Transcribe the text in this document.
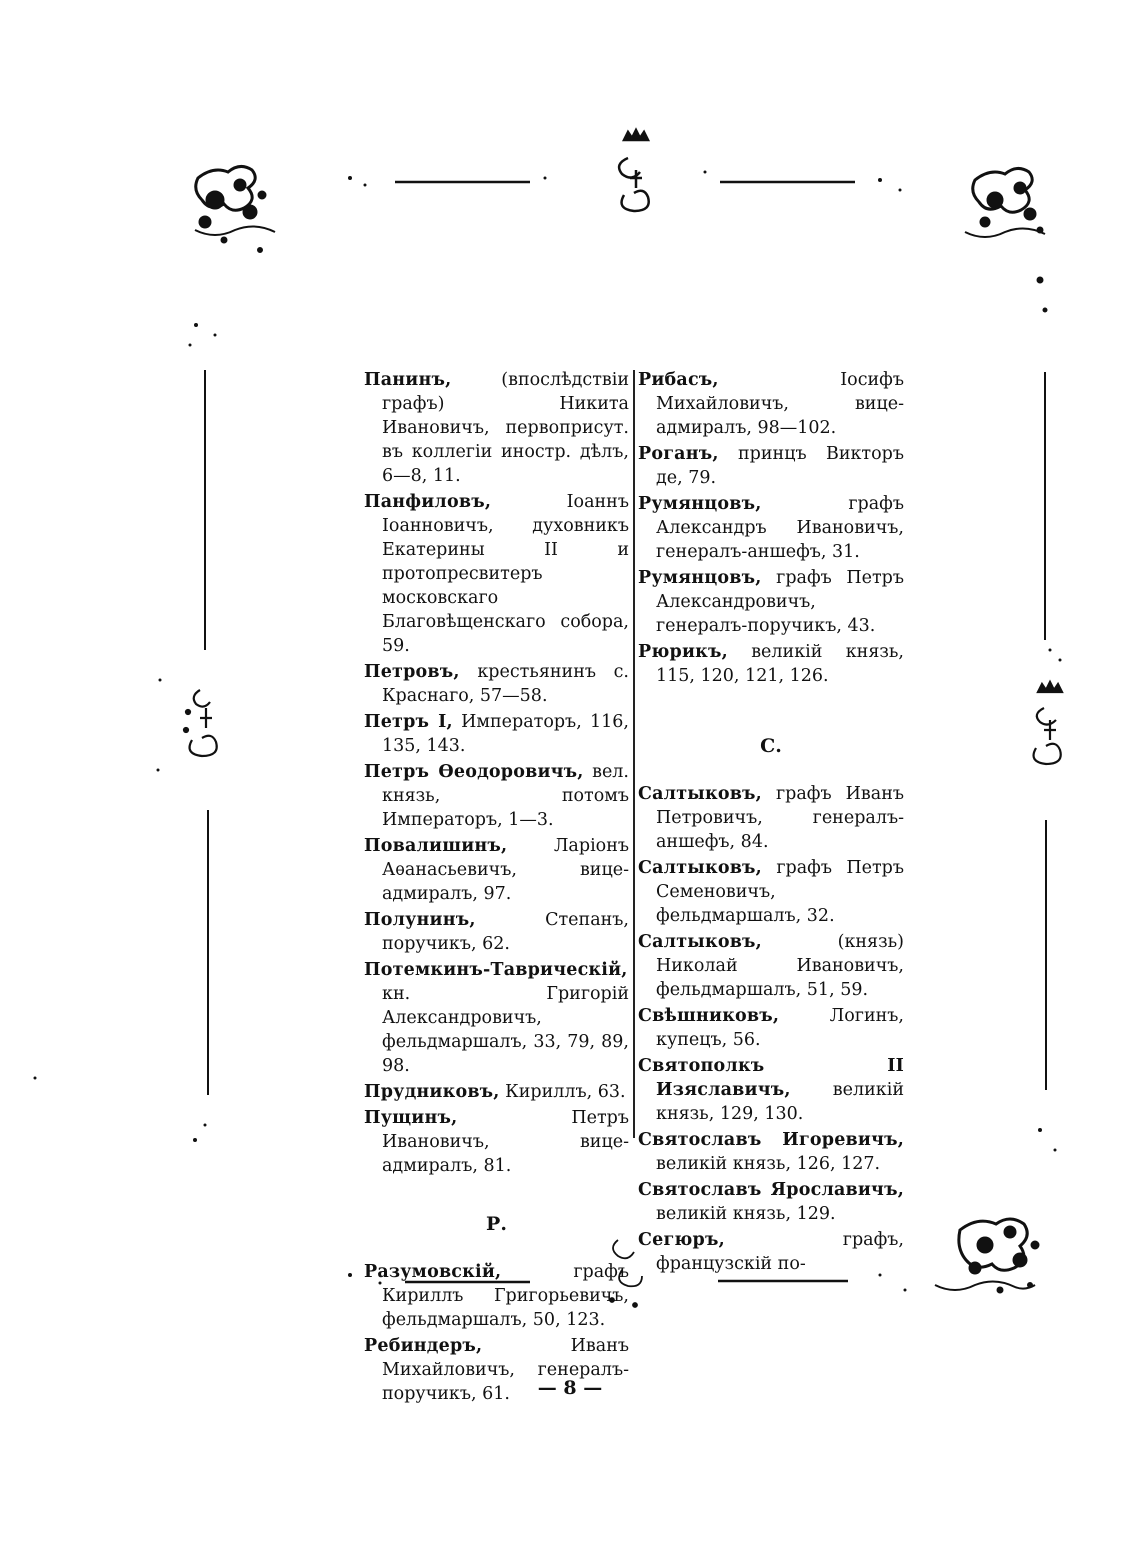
Панинъ, (впослѣдствіи графъ) Никита Ивановичъ, первоприсут. въ коллегіи иностр. дѣлъ, 6—8, 11.
Панфиловъ, Іоаннъ Іоанновичъ, духовникъ Екатерины II и протопресвитеръ московскаго Благовѣщенскаго собора, 59.
Петровъ, крестьянинъ с. Краснаго, 57—58.
Петръ I, Императоръ, 116, 135, 143.
Петръ Ѳеодоровичъ, вел. князь, потомъ Императоръ, 1—3.
Повалишинъ, Ларіонъ Аѳанасьевичъ, вице-адмиралъ, 97.
Полунинъ, Степанъ, поручикъ, 62.
Потемкинъ-Таврическій, кн. Григорій Александровичъ, фельдмаршалъ, 33, 79, 89, 98.
Прудниковъ, Кириллъ, 63.
Пущинъ, Петръ Ивановичъ, вице-адмиралъ, 81.
Р.
Разумовскій, графъ Кириллъ Григорьевичъ, фельдмаршалъ, 50, 123.
Ребиндеръ, Иванъ Михайловичъ, генералъ-поручикъ, 61.
Рибасъ, Іосифъ Михайловичъ, вице-адмиралъ, 98—102.
Роганъ, принцъ Викторъ де, 79.
Румянцовъ, графъ Александръ Ивановичъ, генералъ-аншефъ, 31.
Румянцовъ, графъ Петръ Александровичъ, генералъ-поручикъ, 43.
Рюрикъ, великій князь, 115, 120, 121, 126.
С.
Салтыковъ, графъ Иванъ Петровичъ, генералъ-аншефъ, 84.
Салтыковъ, графъ Петръ Семеновичъ, фельдмаршалъ, 32.
Салтыковъ, (князь) Николай Ивановичъ, фельдмаршалъ, 51, 59.
Свѣшниковъ, Логинъ, купецъ, 56.
Святополкъ II Изяславичъ, великій князь, 129, 130.
Святославъ Игоревичъ, великій князь, 126, 127.
Святославъ Ярославичъ, великій князь, 129.
Сегюръ, графъ, французскій по-
— 8 —
